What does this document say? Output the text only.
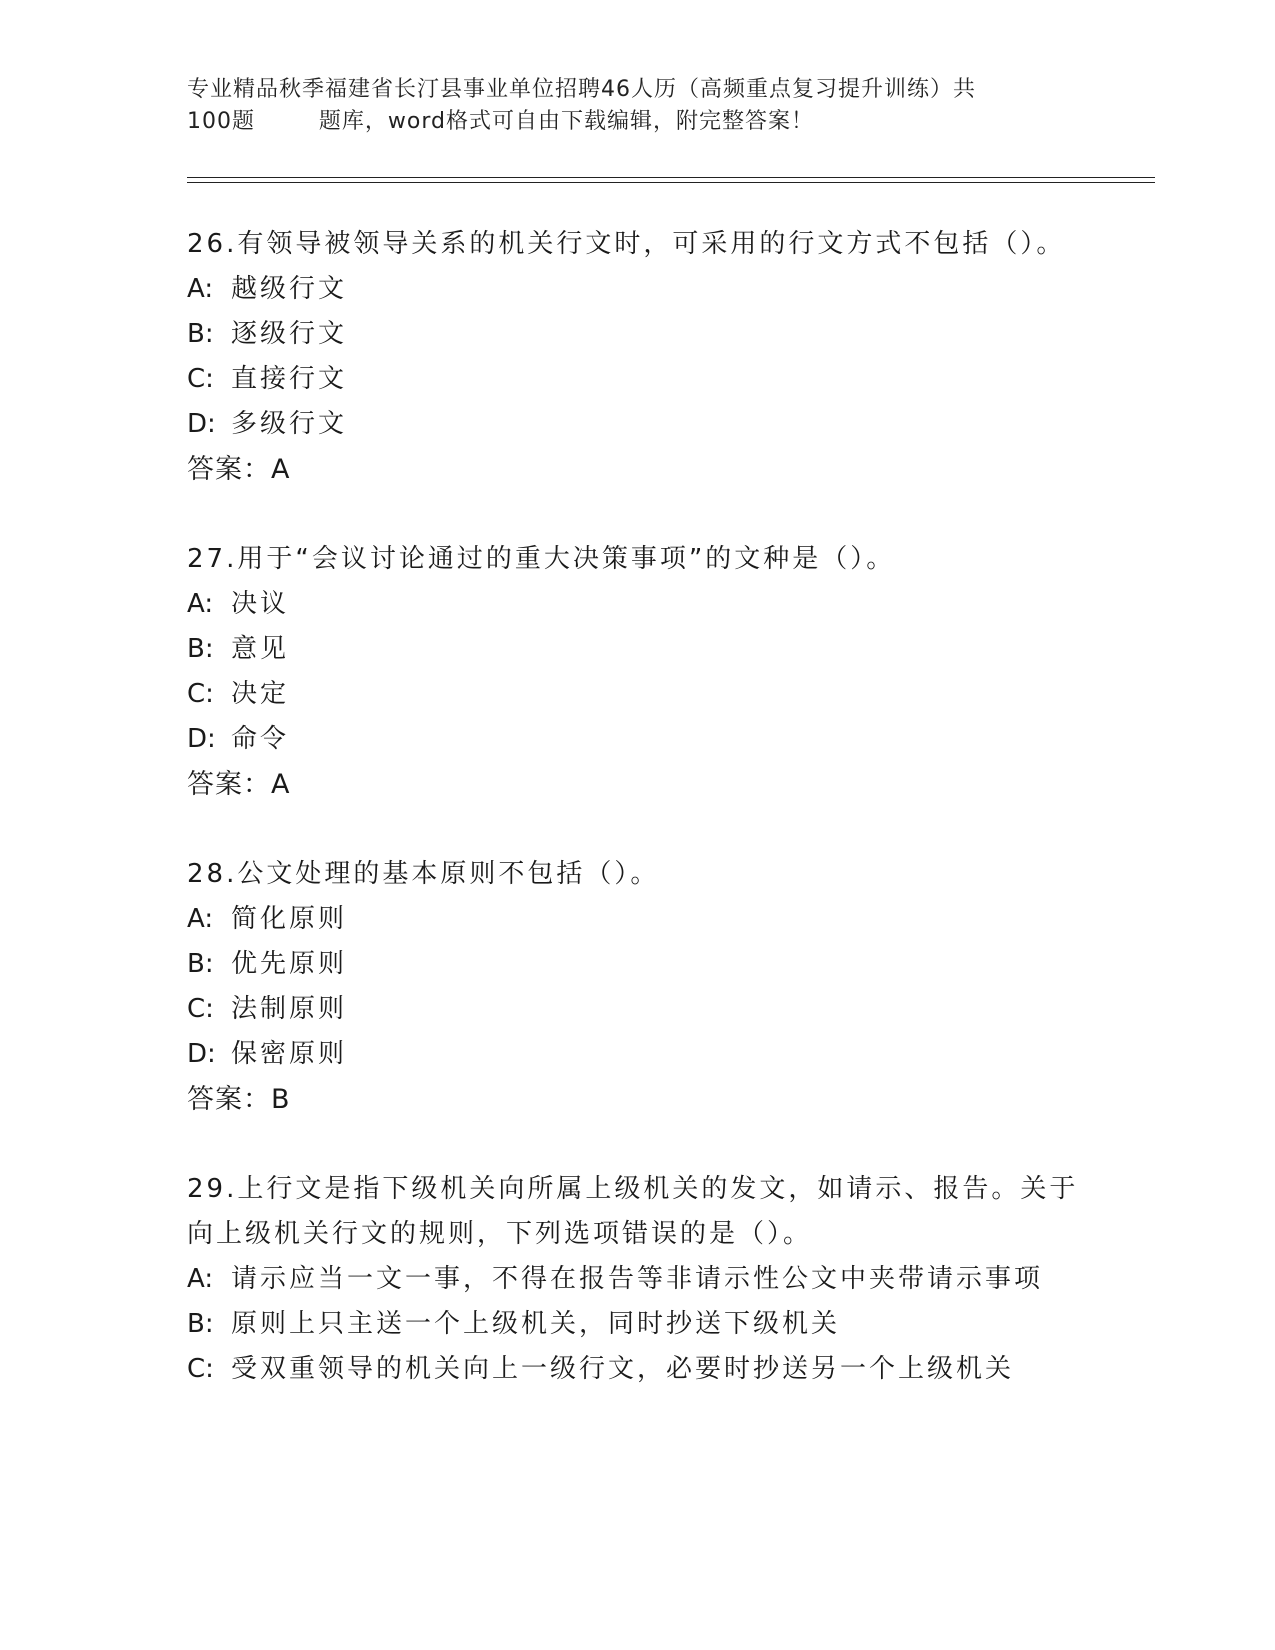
专业精品秋季福建省长汀县事业单位招聘46人历（高频重点复习提升训练）共
100题        题库，word格式可自由下载编辑，附完整答案！
26.有领导被领导关系的机关行文时，可采用的行文方式不包括（）。
A: 越级行文
B: 逐级行文
C: 直接行文
D: 多级行文
答案：A
27.用于“会议讨论通过的重大决策事项”的文种是（）。
A: 决议
B: 意见
C: 决定
D: 命令
答案：A
28.公文处理的基本原则不包括（）。
A: 简化原则
B: 优先原则
C: 法制原则
D: 保密原则
答案：B
29.上行文是指下级机关向所属上级机关的发文，如请示、报告。关于
向上级机关行文的规则，下列选项错误的是（）。
A: 请示应当一文一事，不得在报告等非请示性公文中夹带请示事项
B: 原则上只主送一个上级机关，同时抄送下级机关
C: 受双重领导的机关向上一级行文，必要时抄送另一个上级机关
